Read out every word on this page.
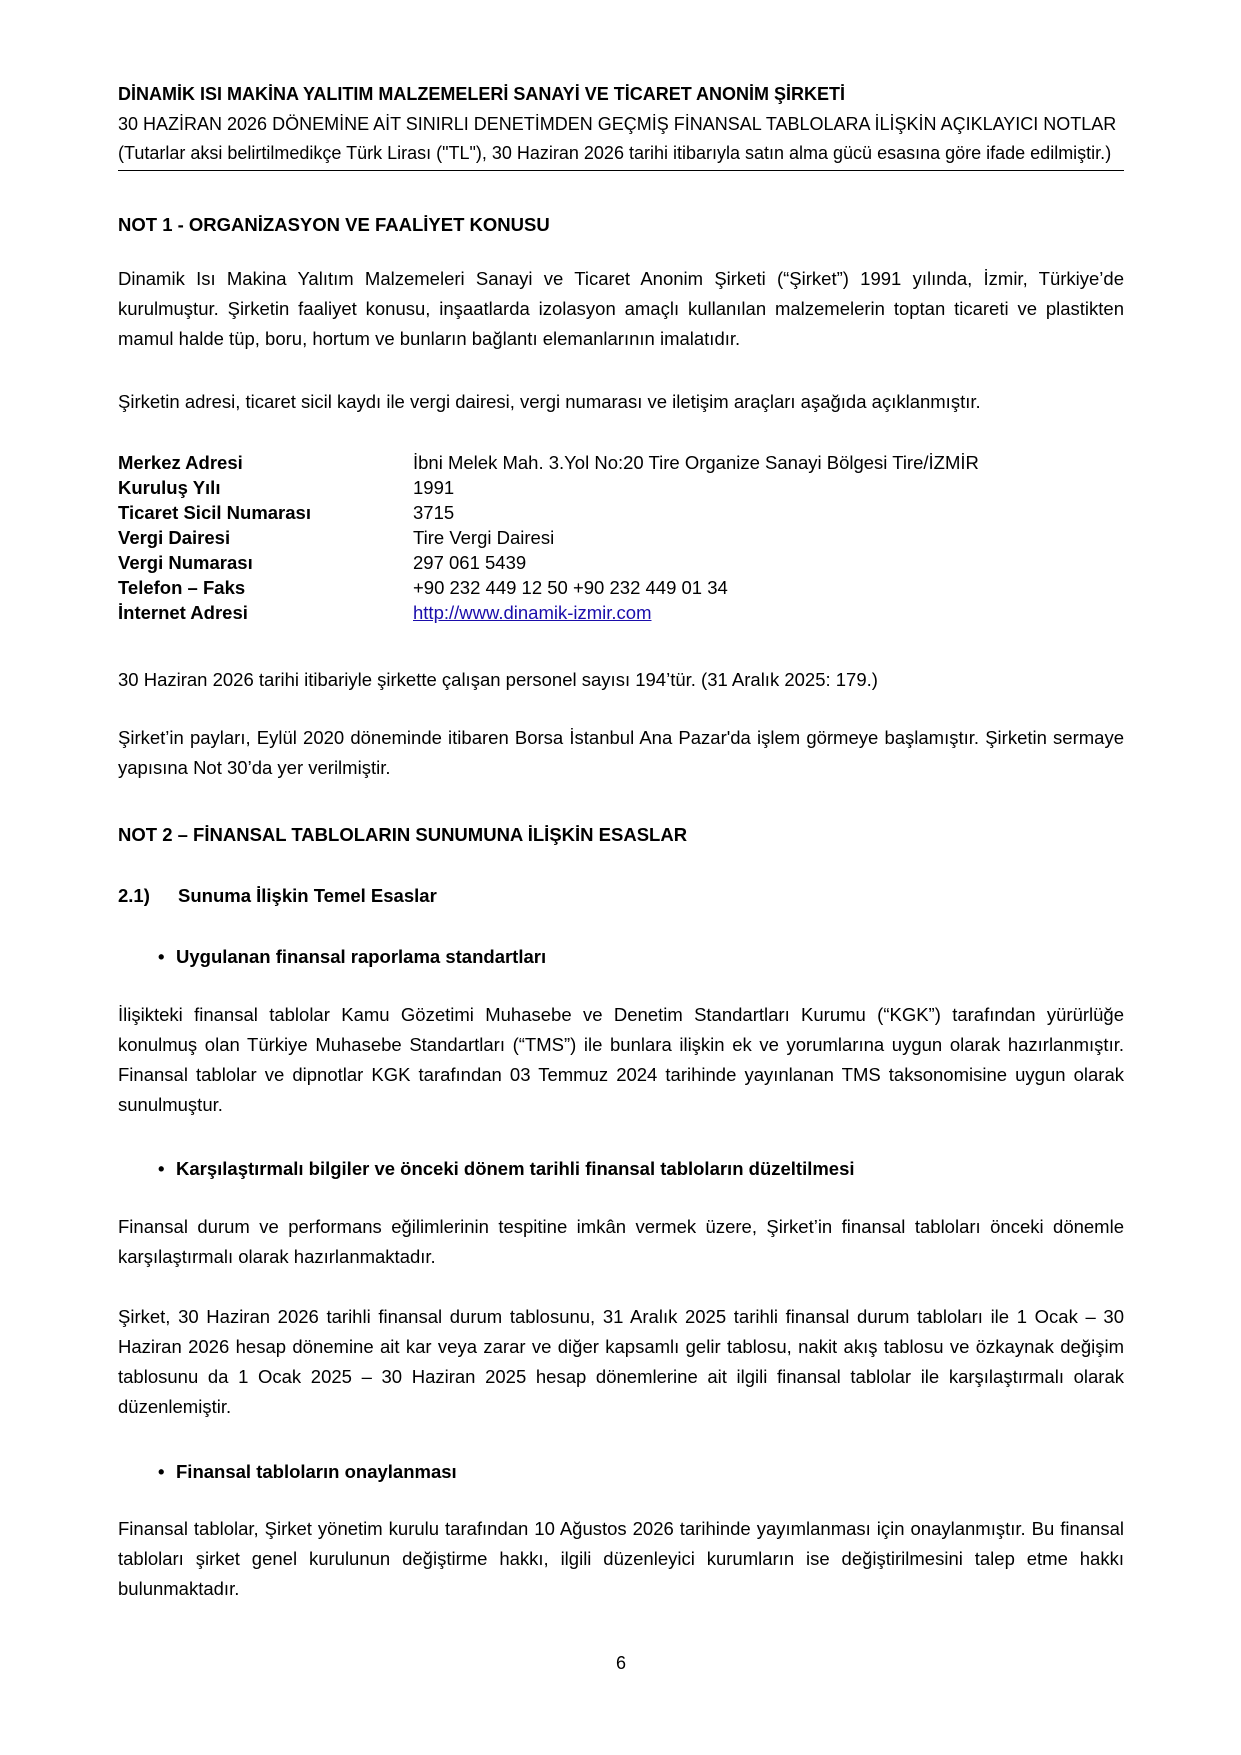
DİNAMİK ISI MAKİNA YALITIM MALZEMELERİ SANAYİ VE TİCARET ANONİM ŞİRKETİ
30 HAZİRAN 2026 DÖNEMİNE AİT SINIRLI DENETİMDEN GEÇMİŞ FİNANSAL TABLOLARA İLİŞKİN AÇIKLAYICI NOTLAR
(Tutarlar aksi belirtilmedikçe Türk Lirası ("TL"), 30 Haziran 2026 tarihi itibarıyla satın alma gücü esasına göre ifade edilmiştir.)
NOT 1 - ORGANİZASYON VE FAALİYET KONUSU
Dinamik Isı Makina Yalıtım Malzemeleri Sanayi ve Ticaret Anonim Şirketi (“Şirket”) 1991 yılında, İzmir, Türkiye’de kurulmuştur. Şirketin faaliyet konusu, inşaatlarda izolasyon amaçlı kullanılan malzemelerin toptan ticareti ve plastikten mamul halde tüp, boru, hortum ve bunların bağlantı elemanlarının imalatıdır.
Şirketin adresi, ticaret sicil kaydı ile vergi dairesi, vergi numarası ve iletişim araçları aşağıda açıklanmıştır.
Merkez Adresi	İbni Melek Mah. 3.Yol No:20 Tire Organize Sanayi Bölgesi Tire/İZMİR
Kuruluş Yılı	1991
Ticaret Sicil Numarası	3715
Vergi Dairesi	Tire Vergi Dairesi
Vergi Numarası	297 061 5439
Telefon – Faks	+90 232 449 12 50 +90 232 449 01 34
İnternet Adresi	http://www.dinamik-izmir.com
30 Haziran 2026 tarihi itibariyle şirkette çalışan personel sayısı 194’tür. (31 Aralık 2025: 179.)
Şirket’in payları, Eylül 2020 döneminde itibaren Borsa İstanbul Ana Pazar'da işlem görmeye başlamıştır. Şirketin sermaye yapısına Not 30’da yer verilmiştir.
NOT 2 – FİNANSAL TABLOLARIN SUNUMUNA İLİŞKİN ESASLAR
2.1) Sunuma İlişkin Temel Esaslar
• Uygulanan finansal raporlama standartları
İlişikteki finansal tablolar Kamu Gözetimi Muhasebe ve Denetim Standartları Kurumu (“KGK”) tarafından yürürlüğe konulmuş olan Türkiye Muhasebe Standartları (“TMS”) ile bunlara ilişkin ek ve yorumlarına uygun olarak hazırlanmıştır. Finansal tablolar ve dipnotlar KGK tarafından 03 Temmuz 2024 tarihinde yayınlanan TMS taksonomisine uygun olarak sunulmuştur.
• Karşılaştırmalı bilgiler ve önceki dönem tarihli finansal tabloların düzeltilmesi
Finansal durum ve performans eğilimlerinin tespitine imkân vermek üzere, Şirket’in finansal tabloları önceki dönemle karşılaştırmalı olarak hazırlanmaktadır.
Şirket, 30 Haziran 2026 tarihli finansal durum tablosunu, 31 Aralık 2025 tarihli finansal durum tabloları ile 1 Ocak – 30 Haziran 2026 hesap dönemine ait kar veya zarar ve diğer kapsamlı gelir tablosu, nakit akış tablosu ve özkaynak değişim tablosunu da 1 Ocak 2025 – 30 Haziran 2025 hesap dönemlerine ait ilgili finansal tablolar ile karşılaştırmalı olarak düzenlemiştir.
• Finansal tabloların onaylanması
Finansal tablolar, Şirket yönetim kurulu tarafından 10 Ağustos 2026 tarihinde yayımlanması için onaylanmıştır. Bu finansal tabloları şirket genel kurulunun değiştirme hakkı, ilgili düzenleyici kurumların ise değiştirilmesini talep etme hakkı bulunmaktadır.
6
